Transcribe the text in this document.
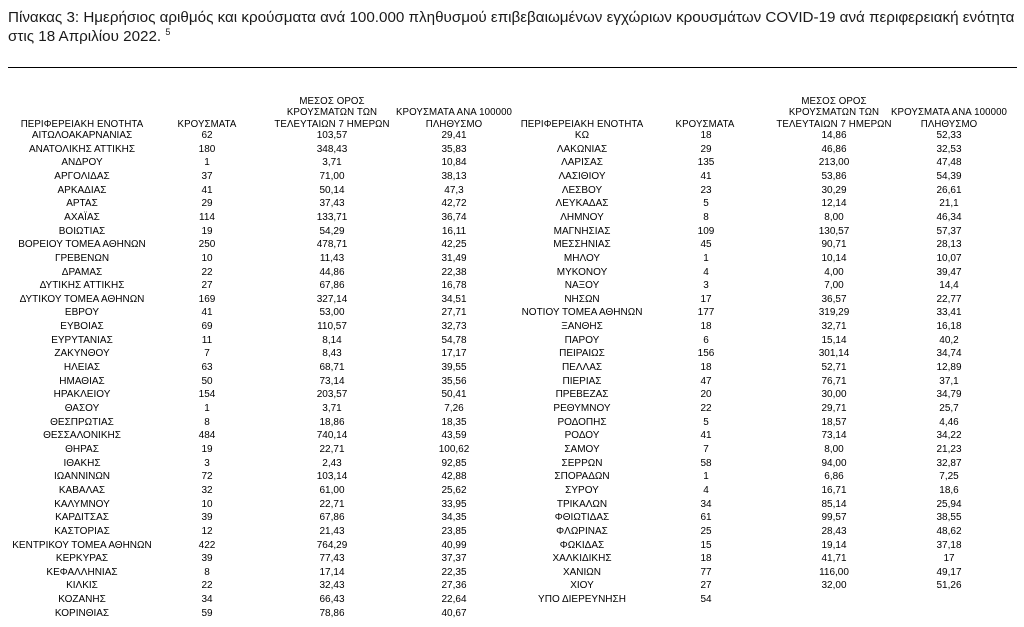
Πίνακας 3: Ημερήσιος αριθμός και κρούσματα ανά 100.000 πληθυσμού επιβεβαιωμένων εγχώριων κρουσμάτων COVID-19 ανά περιφερειακή ενότητα στις 18 Απριλίου 2022. $^5$
ΠΕΡΙΦΕΡΕΙΑΚΗ ΕΝΟΤΗΤΑ	ΚΡΟΥΣΜΑΤΑ
ΜΕΣΟΣ ΟΡΟΣ ΚΡΟΥΣΜΑΤΩΝ ΤΩΝ ΤΕΛΕΥΤΑΙΩΝ 7 ΗΜΕΡΩΝ
ΚΡΟΥΣΜΑΤΑ ΑΝΑ 100000 ΠΛΗΘΥΣΜΟ	ΠΕΡΙΦΕΡΕΙΑΚΗ ΕΝΟΤΗΤΑ	ΚΡΟΥΣΜΑΤΑ
ΜΕΣΟΣ ΟΡΟΣ ΚΡΟΥΣΜΑΤΩΝ ΤΩΝ ΤΕΛΕΥΤΑΙΩΝ 7 ΗΜΕΡΩΝ
ΚΡΟΥΣΜΑΤΑ ΑΝΑ 100000 ΠΛΗΘΥΣΜΟ
ΑΙΤΩΛΟΑΚΑΡΝΑΝΙΑΣ	62	103,57	29,41
ΑΝΑΤΟΛΙΚΗΣ ΑΤΤΙΚΗΣ	180	348,43	35,83
ΑΝΔΡΟΥ	1	3,71	10,84
ΑΡΓΟΛΙΔΑΣ	37	71,00	38,13
ΑΡΚΑΔΙΑΣ	41	50,14	47,3
ΑΡΤΑΣ	29	37,43	42,72
ΑΧΑΪΑΣ	114	133,71	36,74
ΒΟΙΩΤΙΑΣ	19	54,29	16,11
ΒΟΡΕΙΟΥ ΤΟΜΕΑ ΑΘΗΝΩΝ	250	478,71	42,25
ΓΡΕΒΕΝΩΝ	10	11,43	31,49
ΔΡΑΜΑΣ	22	44,86	22,38
ΔΥΤΙΚΗΣ ΑΤΤΙΚΗΣ	27	67,86	16,78
ΔΥΤΙΚΟΥ ΤΟΜΕΑ ΑΘΗΝΩΝ	169	327,14	34,51
ΕΒΡΟΥ	41	53,00	27,71
ΕΥΒΟΙΑΣ	69	110,57	32,73
ΕΥΡΥΤΑΝΙΑΣ	11	8,14	54,78
ΖΑΚΥΝΘΟΥ	7	8,43	17,17
ΗΛΕΙΑΣ	63	68,71	39,55
ΗΜΑΘΙΑΣ	50	73,14	35,56
ΗΡΑΚΛΕΙΟΥ	154	203,57	50,41
ΘΑΣΟΥ	1	3,71	7,26
ΘΕΣΠΡΩΤΙΑΣ	8	18,86	18,35
ΘΕΣΣΑΛΟΝΙΚΗΣ	484	740,14	43,59
ΘΗΡΑΣ	19	22,71	100,62
ΙΘΑΚΗΣ	3	2,43	92,85
ΙΩΑΝΝΙΝΩΝ	72	103,14	42,88
ΚΑΒΑΛΑΣ	32	61,00	25,62
ΚΑΛΥΜΝΟΥ	10	22,71	33,95
ΚΑΡΔΙΤΣΑΣ	39	67,86	34,35
ΚΑΣΤΟΡΙΑΣ	12	21,43	23,85
ΚΕΝΤΡΙΚΟΥ ΤΟΜΕΑ ΑΘΗΝΩΝ	422	764,29	40,99
ΚΕΡΚΥΡΑΣ	39	77,43	37,37
ΚΕΦΑΛΛΗΝΙΑΣ	8	17,14	22,35
ΚΙΛΚΙΣ	22	32,43	27,36
ΚΟΖΑΝΗΣ	34	66,43	22,64
ΚΟΡΙΝΘΙΑΣ	59	78,86	40,67
ΚΩ	18	14,86	52,33
ΛΑΚΩΝΙΑΣ	29	46,86	32,53
ΛΑΡΙΣΑΣ	135	213,00	47,48
ΛΑΣΙΘΙΟΥ	41	53,86	54,39
ΛΕΣΒΟΥ	23	30,29	26,61
ΛΕΥΚΑΔΑΣ	5	12,14	21,1
ΛΗΜΝΟΥ	8	8,00	46,34
ΜΑΓΝΗΣΙΑΣ	109	130,57	57,37
ΜΕΣΣΗΝΙΑΣ	45	90,71	28,13
ΜΗΛΟΥ	1	10,14	10,07
ΜΥΚΟΝΟΥ	4	4,00	39,47
ΝΑΞΟΥ	3	7,00	14,4
ΝΗΣΩΝ	17	36,57	22,77
ΝΟΤΙΟΥ ΤΟΜΕΑ ΑΘΗΝΩΝ	177	319,29	33,41
ΞΑΝΘΗΣ	18	32,71	16,18
ΠΑΡΟΥ	6	15,14	40,2
ΠΕΙΡΑΙΩΣ	156	301,14	34,74
ΠΕΛΛΑΣ	18	52,71	12,89
ΠΙΕΡΙΑΣ	47	76,71	37,1
ΠΡΕΒΕΖΑΣ	20	30,00	34,79
ΡΕΘΥΜΝΟΥ	22	29,71	25,7
ΡΟΔΟΠΗΣ	5	18,57	4,46
ΡΟΔΟΥ	41	73,14	34,22
ΣΑΜΟΥ	7	8,00	21,23
ΣΕΡΡΩΝ	58	94,00	32,87
ΣΠΟΡΑΔΩΝ	1	6,86	7,25
ΣΥΡΟΥ	4	16,71	18,6
ΤΡΙΚΑΛΩΝ	34	85,14	25,94
ΦΘΙΩΤΙΔΑΣ	61	99,57	38,55
ΦΛΩΡΙΝΑΣ	25	28,43	48,62
ΦΩΚΙΔΑΣ	15	19,14	37,18
ΧΑΛΚΙΔΙΚΗΣ	18	41,71	17
ΧΑΝΙΩΝ	77	116,00	49,17
ΧΙΟΥ	27	32,00	51,26
ΥΠΟ ΔΙΕΡΕΥΝΗΣΗ	54
